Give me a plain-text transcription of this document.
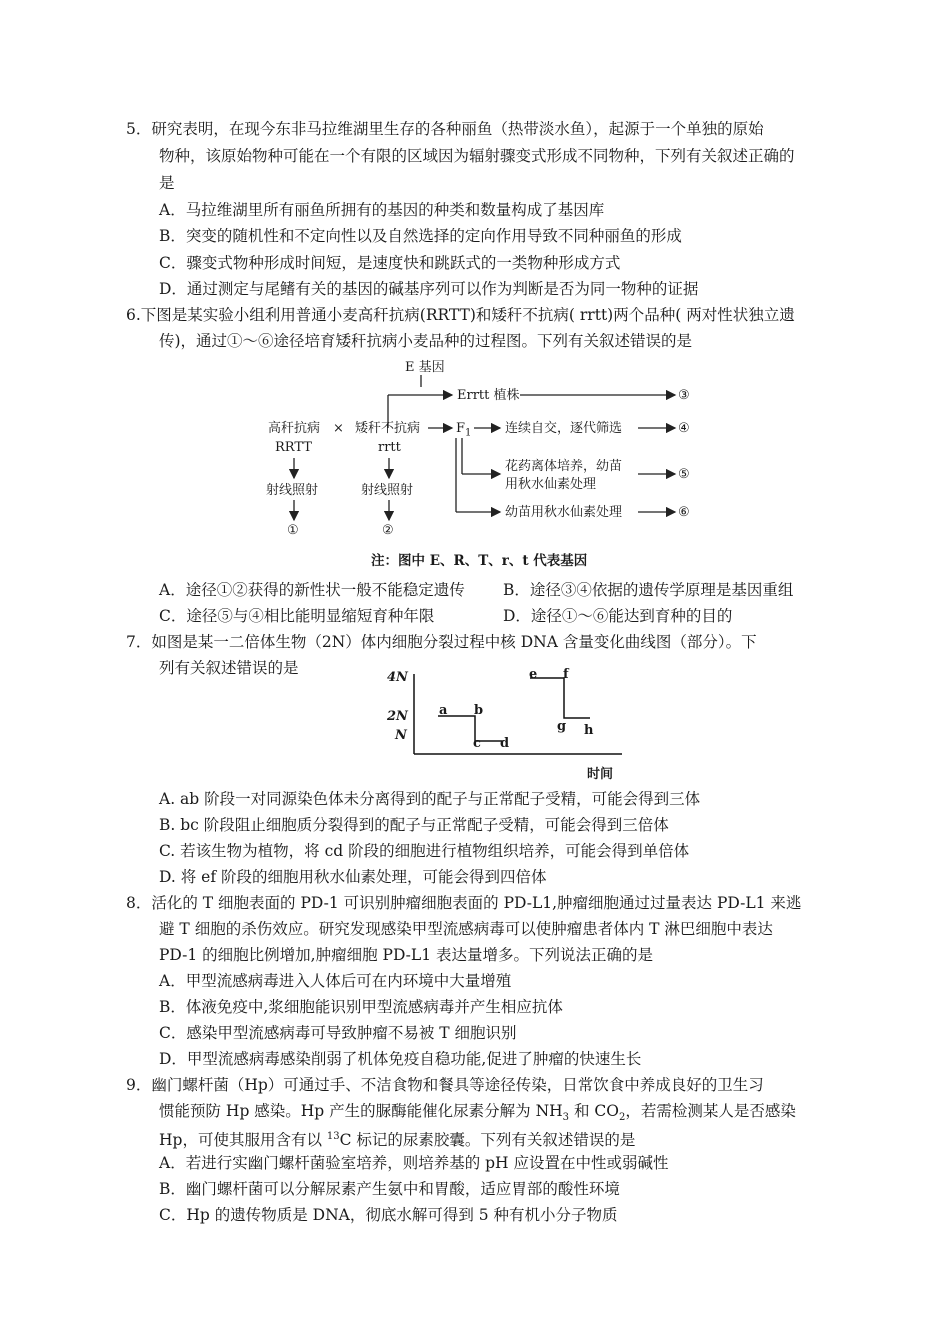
5．研究表明，在现今东非马拉维湖里生存的各种丽鱼（热带淡水鱼），起源于一个单独的原始
物种，该原始物种可能在一个有限的区域因为辐射骤变式形成不同物种，下列有关叙述正确的
是
A．马拉维湖里所有丽鱼所拥有的基因的种类和数量构成了基因库
B．突变的随机性和不定向性以及自然选择的定向作用导致不同种丽鱼的形成
C．骤变式物种形成时间短，是速度快和跳跃式的一类物种形成方式
D．通过测定与尾鳍有关的基因的碱基序列可以作为判断是否为同一物种的证据
6.下图是某实验小组利用普通小麦高秆抗病(RRTT)和矮秆不抗病( rrtt)两个品种( 两对性状独立遗
传)，通过①～⑥途径培育矮秆抗病小麦品种的过程图。下列有关叙述错误的是
E 基因
Errtt 植株
高秆抗病
RRTT
× 矮秆不抗病
rrtt
$F_1$	连续自交，逐代筛选
花药离体培养，幼苗
用秋水仙素处理
幼苗用秋水仙素处理
射线照射	射线照射
①	②
③
④
⑤
⑥
注：图中 E、R、T、r、t 代表基因
A．途径①②获得的新性状一般不能稳定遗传 B．途径③④依据的遗传学原理是基因重组
C．途径⑤与④相比能明显缩短育种年限	D．途径①～⑥能达到育种的目的
7．如图是某一二倍体生物（2N）体内细胞分裂过程中核 DNA 含量变化曲线图（部分）。下
列有关叙述错误的是
4N
2N
N
时间
a b
c d
e f
g h
A. ab 阶段一对同源染色体未分离得到的配子与正常配子受精，可能会得到三体
B. bc 阶段阻止细胞质分裂得到的配子与正常配子受精，可能会得到三倍体
C. 若该生物为植物，将 cd 阶段的细胞进行植物组织培养，可能会得到单倍体
D. 将 ef 阶段的细胞用秋水仙素处理，可能会得到四倍体
8．活化的 T 细胞表面的 PD-1 可识别肿瘤细胞表面的 PD-L1,肿瘤细胞通过过量表达 PD-L1 来逃
避 T 细胞的杀伤效应。研究发现感染甲型流感病毒可以使肿瘤患者体内 T 淋巴细胞中表达
PD-1 的细胞比例增加,肿瘤细胞 PD-L1 表达量增多。下列说法正确的是
A．甲型流感病毒进入人体后可在内环境中大量增殖
B．体液免疫中,浆细胞能识别甲型流感病毒并产生相应抗体
C．感染甲型流感病毒可导致肿瘤不易被 T 细胞识别
D．甲型流感病毒感染削弱了机体免疫自稳功能,促进了肿瘤的快速生长
9．幽门螺杆菌（Hp）可通过手、不洁食物和餐具等途径传染，日常饮食中养成良好的卫生习
惯能预防 Hp 感染。Hp 产生的脲酶能催化尿素分解为 $NH_3$ 和 $CO_2$，若需检测某人是否感染
Hp，可使其服用含有以 $^{13}$C 标记的尿素胶囊。下列有关叙述错误的是
A．若进行实幽门螺杆菌验室培养，则培养基的 pH 应设置在中性或弱碱性
B．幽门螺杆菌可以分解尿素产生氨中和胃酸，适应胃部的酸性环境
C．Hp 的遗传物质是 DNA，彻底水解可得到 5 种有机小分子物质
